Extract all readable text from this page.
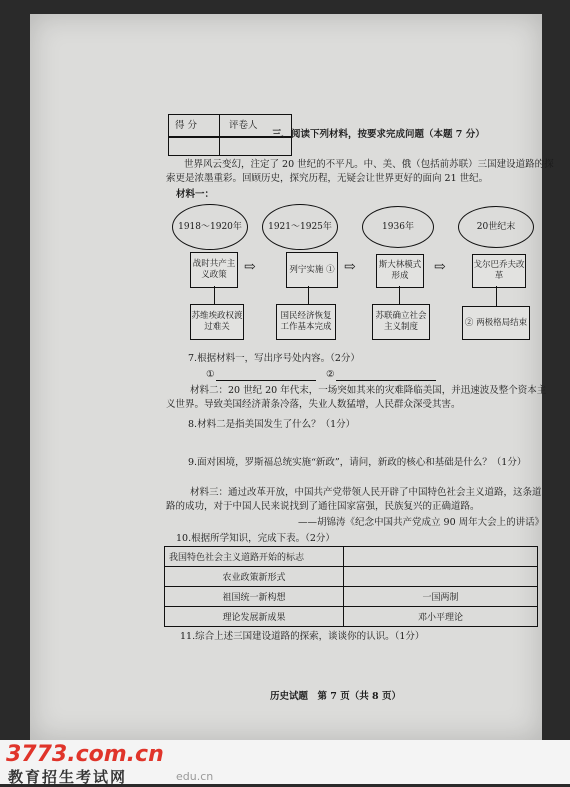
得 分	评卷人
三、阅读下列材料，按要求完成问题（本题 7 分）
世界风云变幻，注定了 20 世纪的不平凡。中、美、俄（包括前苏联）三国建设道路的探
索更是浓墨重彩。回顾历史，探究历程，无疑会让世界更好的面向 21 世纪。
材料一：
1918～1920年	1921～1925年	1936年	20世纪末
战时共产主义政策
列宁实施 ①	斯大林模式形成
戈尔巴乔夫改革
⇨	⇨	⇨
苏维埃政权渡过难关
国民经济恢复工作基本完成
苏联确立社会主义制度	② 两极格局结束
7.根据材料一，写出序号处内容。（2分）
①	②
材料二：20 世纪 20 年代末，一场突如其来的灾难降临美国，并迅速波及整个资本主
义世界。导致美国经济萧条冷落，失业人数猛增，人民群众深受其害。
8.材料二是指美国发生了什么？（1分）
9.面对困境，罗斯福总统实施“新政”，请问，新政的核心和基础是什么？（1分）
材料三：通过改革开放，中国共产党带领人民开辟了中国特色社会主义道路，这条道
路的成功，对于中国人民来说找到了通往国家富强，民族复兴的正确道路。
——胡锦涛《纪念中国共产党成立 90 周年大会上的讲话》
10.根据所学知识，完成下表。（2分）
我国特色社会主义道路开始的标志	
农业政策新形式	
祖国统一新构想	一国两制
理论发展新成果	邓小平理论
11.综合上述三国建设道路的探索，谈谈你的认识。（1分）
历史试题　第 7 页（共 8 页）
3773.com.cn
教育招生考试网	edu.cn
